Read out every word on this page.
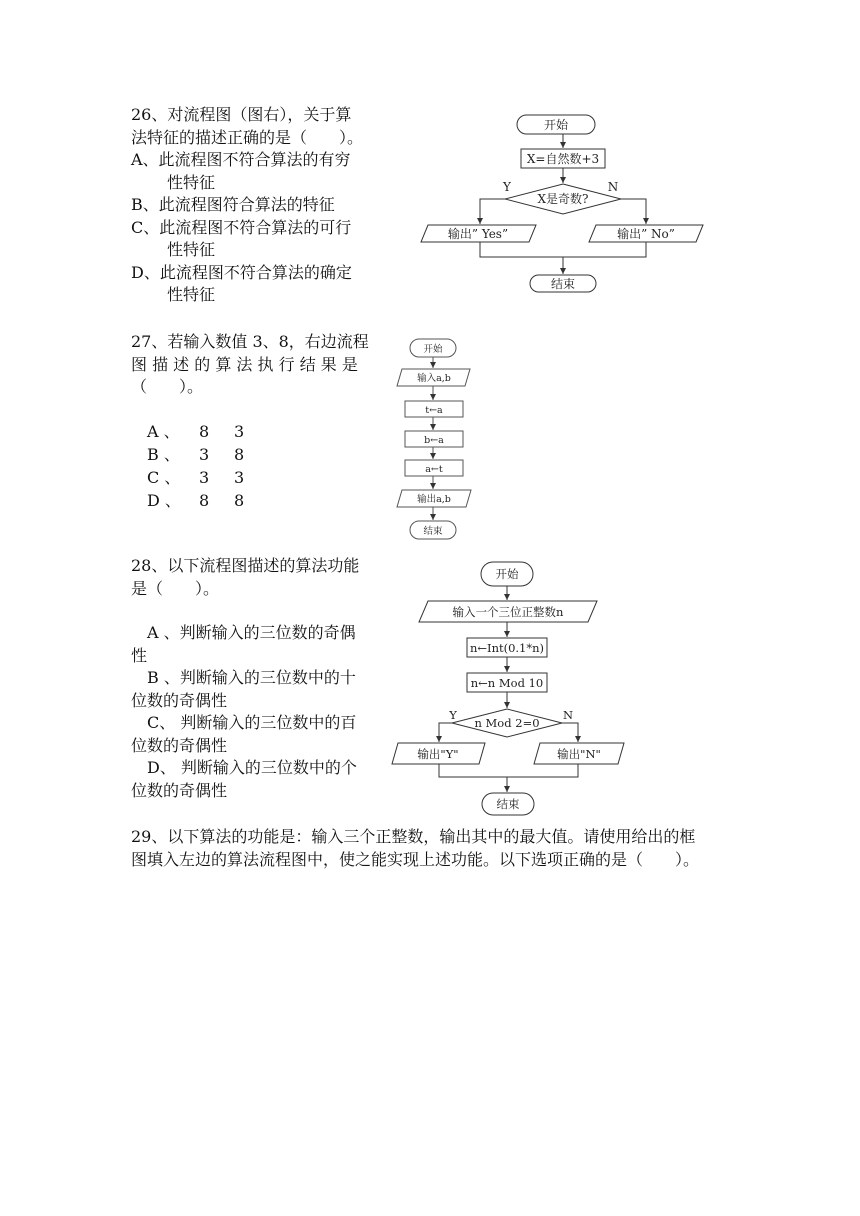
26、对流程图（图右），关于算
法特征的描述正确的是（　　）。
A、此流程图不符合算法的有穷
性特征
B、此流程图符合算法的特征
C、此流程图不符合算法的可行
性特征
D、此流程图不符合算法的确定
性特征
27、若输入数值 3、8，右边流程
图 描 述 的 算 法 执 行 结 果 是
（　　）。
A 、 8 3
B 、 3 8
C 、 3 3
D 、 8 8
28、以下流程图描述的算法功能
是（　　）。
A 、判断输入的三位数的奇偶
性
B 、判断输入的三位数中的十
位数的奇偶性
C、 判断输入的三位数中的百
位数的奇偶性
D、 判断输入的三位数中的个
位数的奇偶性
29、以下算法的功能是：输入三个正整数，输出其中的最大值。请使用给出的框
图填入左边的算法流程图中，使之能实现上述功能。以下选项正确的是（　　）。
开始
X=自然数+3
X是奇数?
Y	N
输出” Yes”	输出” No”
结束
开始
输入a,b
t←a
b←a
a←t
输出a,b
结束
开始
输入一个三位正整数n
n←Int(0.1*n)
n←n Mod 10
n Mod 2=0
Y	N
输出"Y"	输出"N"
结束
